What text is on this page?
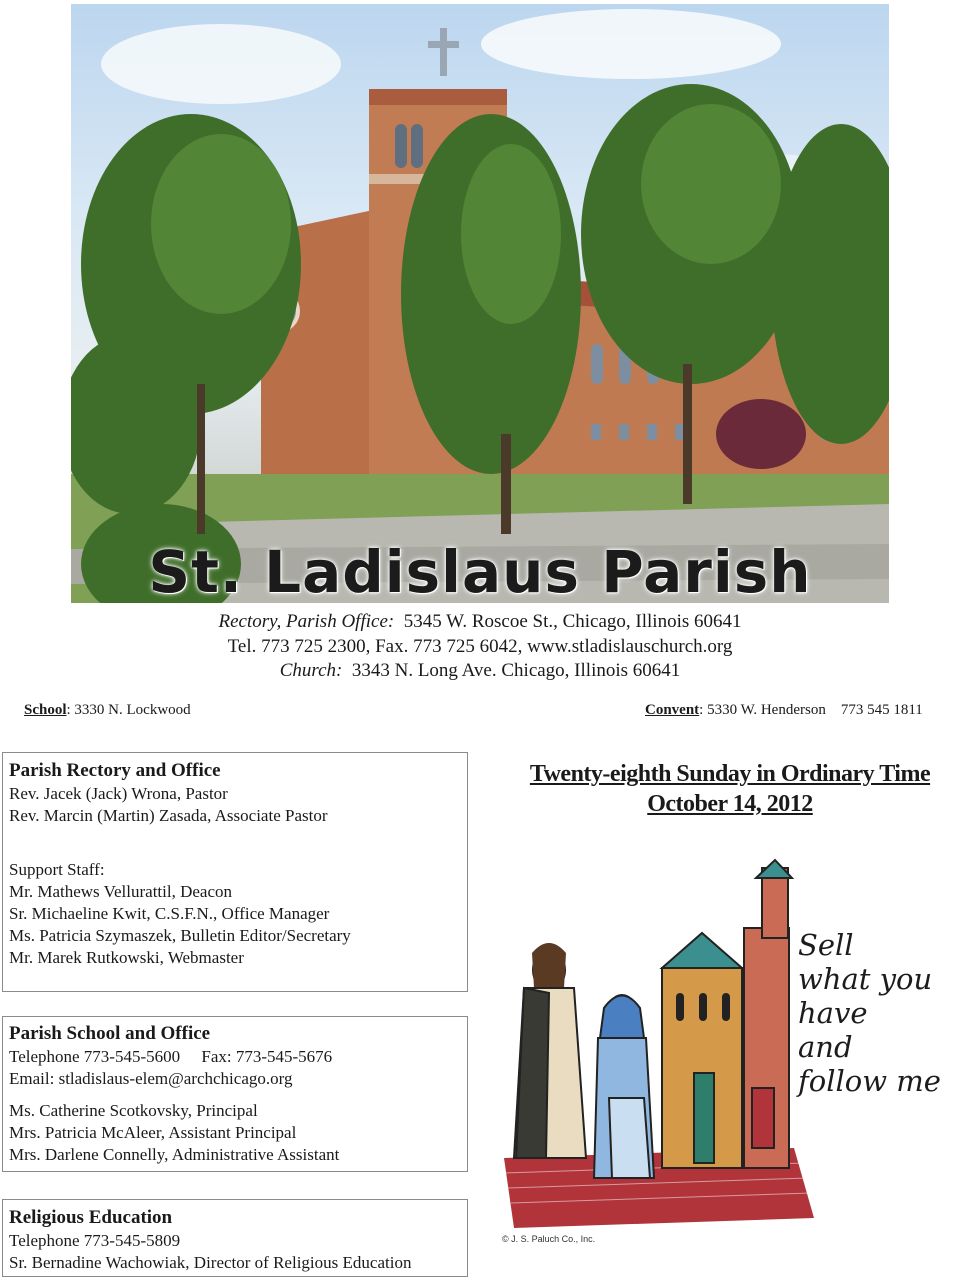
St. Ladislaus Parish
Rectory, Parish Office: 5345 W. Roscoe St., Chicago, Illinois 60641
Tel. 773 725 2300, Fax. 773 725 6042, www.stladislauschurch.org
Church: 3343 N. Long Ave. Chicago, Illinois 60641
School: 3330 N. Lockwood	Convent: 5330 W. Henderson 773 545 1811
Parish Rectory and Office
Rev. Jacek (Jack) Wrona, Pastor
Rev. Marcin (Martin) Zasada, Associate Pastor
Support Staff:
Mr. Mathews Vellurattil, Deacon
Sr. Michaeline Kwit, C.S.F.N., Office Manager
Ms. Patricia Szymaszek, Bulletin Editor/Secretary
Mr. Marek Rutkowski, Webmaster
Twenty-eighth Sunday in Ordinary Time
October 14, 2012
Parish School and Office
Telephone 773-545-5600 Fax: 773-545-5676
Email: stladislaus-elem@archchicago.org
Ms. Catherine Scotkovsky, Principal
Mrs. Patricia McAleer, Assistant Principal
Mrs. Darlene Connelly, Administrative Assistant
Religious Education
Telephone 773-545-5809
Sr. Bernadine Wachowiak, Director of Religious Education
Sell
what you have
and
follow me
© J. S. Paluch Co., Inc.
